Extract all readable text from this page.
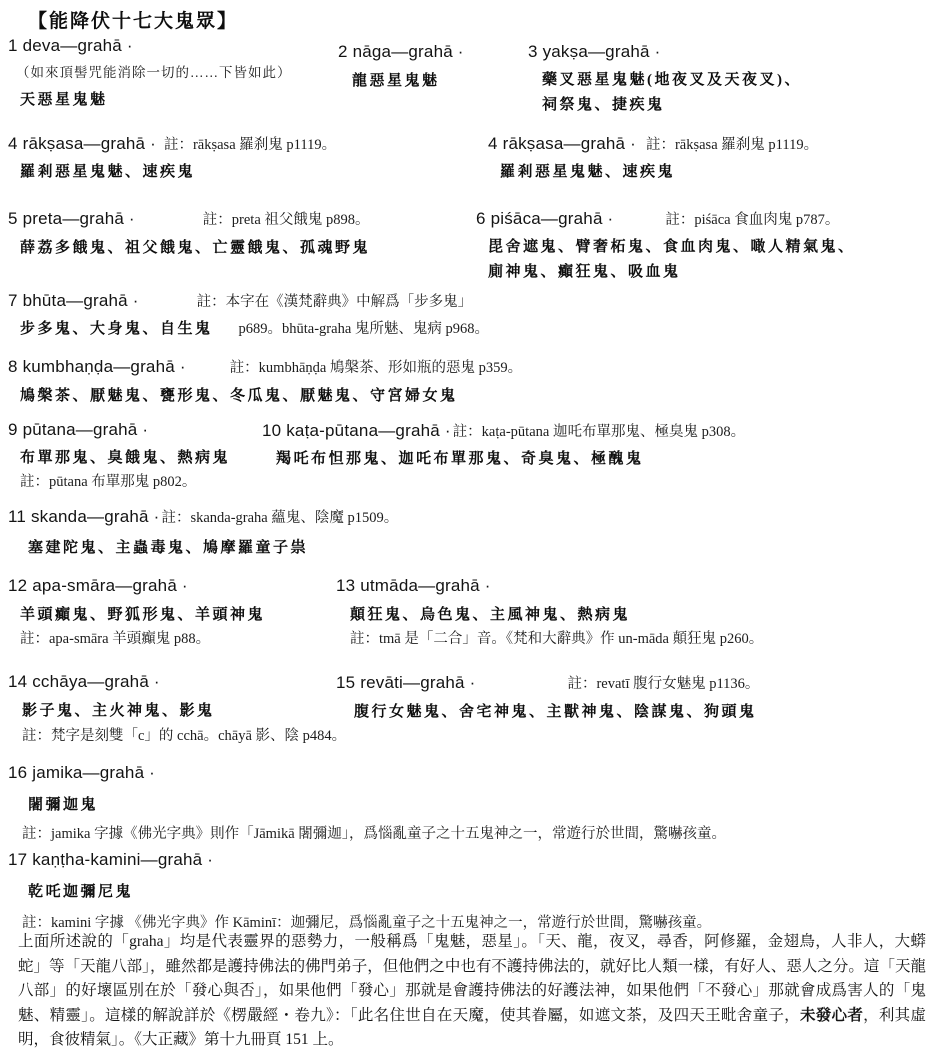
【能降伏十七大鬼眾】
1 deva—grahā ·
（如來頂髻咒能消除一切的……下皆如此）
天惡星鬼魅
2 nāga—grahā ·
龍惡星鬼魅
3 yakṣa—grahā ·
藥叉惡星鬼魅(地夜叉及天夜叉)、
祠祭鬼、捷疾鬼
4 rākṣasa—grahā · 註：rākṣasa 羅刹鬼 p1119。
羅剎惡星鬼魅、速疾鬼
4 rākṣasa—grahā · 註：rākṣasa 羅刹鬼 p1119。
羅剎惡星鬼魅、速疾鬼
5 preta—grahā ·	註：preta 祖父餓鬼 p898。
薛荔多餓鬼、祖父餓鬼、亡靈餓鬼、孤魂野鬼
6 piśāca—grahā ·	註：piśāca 食血肉鬼 p787。
毘舍遮鬼、臂奢柘鬼、食血肉鬼、噉人精氣鬼、
廁神鬼、癲狂鬼、吸血鬼
7 bhūta—grahā ·	註：本字在《漢梵辭典》中解爲「步多鬼」
步多鬼、大身鬼、自生鬼 p689。bhūta-graha 鬼所魅、鬼病 p968。
8 kumbhaṇḍa—grahā ·	註：kumbhāṇḍa 鳩槃茶、形如瓶的惡鬼 p359。
鳩槃茶、厭魅鬼、甕形鬼、冬瓜鬼、厭魅鬼、守宮婦女鬼
9 pūtana—grahā ·
布單那鬼、臭餓鬼、熱病鬼
註：pūtana 布單那鬼 p802。
10 kaṭa-pūtana—grahā · 註：kaṭa-pūtana 迦吒布單那鬼、極臭鬼 p308。
羯吒布怛那鬼、迦吒布單那鬼、奇臭鬼、極醜鬼
11 skanda—grahā · 註：skanda-graha 蘊鬼、陰魔 p1509。
塞建陀鬼、主蟲毒鬼、鳩摩羅童子祟
12 apa-smāra—grahā ·
羊頭癲鬼、野狐形鬼、羊頭神鬼
註：apa-smāra 羊頭癲鬼 p88。
13 utmāda—grahā ·
顛狂鬼、烏色鬼、主風神鬼、熱病鬼
註：tmā 是「二合」音。《梵和大辭典》作 un-māda 顛狂鬼 p260。
14 cchāya—grahā ·
影子鬼、主火神鬼、影鬼
註：梵字是刻雙「c」的 cchā。chāyā 影、陰 p484。
15 revāti—grahā ·	註：revatī 腹行女魅鬼 p1136。
腹行女魅鬼、舍宅神鬼、主獸神鬼、陰謀鬼、狗頭鬼
16 jamika—grahā ·
闍彌迦鬼
註：jamika 字據《佛光字典》則作「Jāmikā 闍彌迦」，爲惱亂童子之十五鬼神之一，常遊行於世間，驚嚇孩童。
17 kaṇṭha-kamini—grahā ·
乾吒迦彌尼鬼
註：kamini 字據 《佛光字典》作 Kāminī：迦彌尼，爲惱亂童子之十五鬼神之一，常遊行於世間，驚嚇孩童。
上面所述說的「graha」均是代表靈界的惡勢力，一般稱爲「鬼魅，惡星」。「天、龍，夜叉，尋香，阿修羅，金翅鳥，人非人，大蟒蛇」等「天龍八部」，雖然都是護持佛法的佛門弟子，但他們之中也有不護持佛法的，就好比人類一樣，有好人、惡人之分。這「天龍八部」的好壞區別在於「發心與否」，如果他們「發心」那就是會護持佛法的好護法神，如果他們「不發心」那就會成爲害人的「鬼魅、精靈」。這樣的解說詳於《楞嚴經・卷九》：「此名住世自在天魔，使其眷屬，如遮文茶，及四天王毗舍童子，未發心者，利其虛明，食彼精氣」。《大正藏》第十九冊頁 151 上。
